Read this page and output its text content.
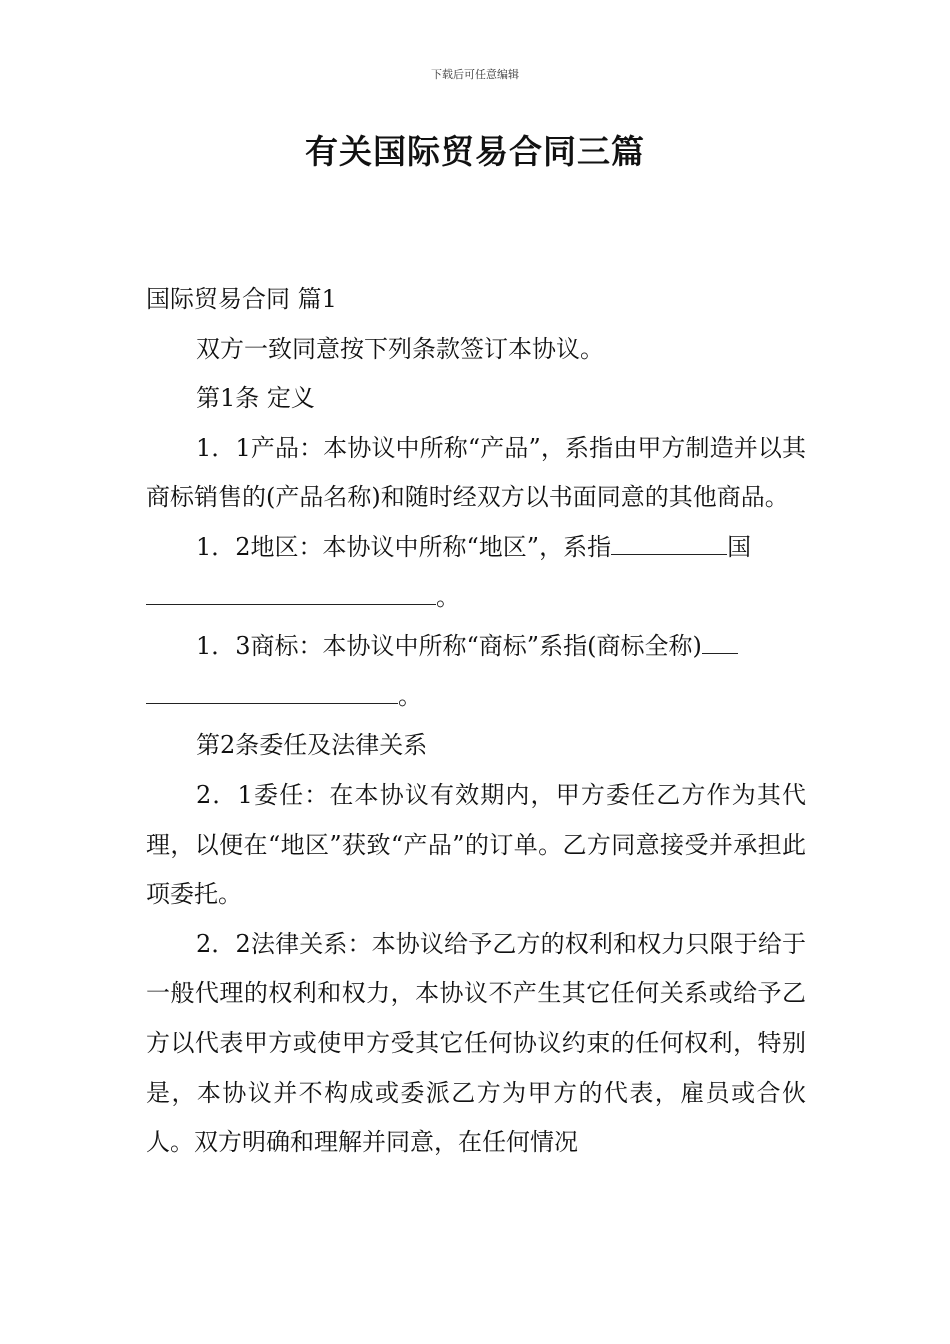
下载后可任意编辑
有关国际贸易合同三篇

国际贸易合同 篇1

双方一致同意按下列条款签订本协议。

第1条 定义

1．1产品：本协议中所称“产品”，系指由甲方制造并以其商标销售的(产品名称)和随时经双方以书面同意的其他商品。

1．2地区：本协议中所称“地区”，系指	国
。

1．3商标：本协议中所称“商标”系指(商标全称)
。

第2条委任及法律关系

2．1委任：在本协议有效期内，甲方委任乙方作为其代理，以便在“地区”获致“产品”的订单。乙方同意接受并承担此项委托。

2．2法律关系：本协议给予乙方的权利和权力只限于给于一般代理的权利和权力，本协议不产生其它任何关系或给予乙方以代表甲方或使甲方受其它任何协议约束的任何权利，特别是，本协议并不构成或委派乙方为甲方的代表，雇员或合伙人。双方明确和理解并同意，在任何情况
